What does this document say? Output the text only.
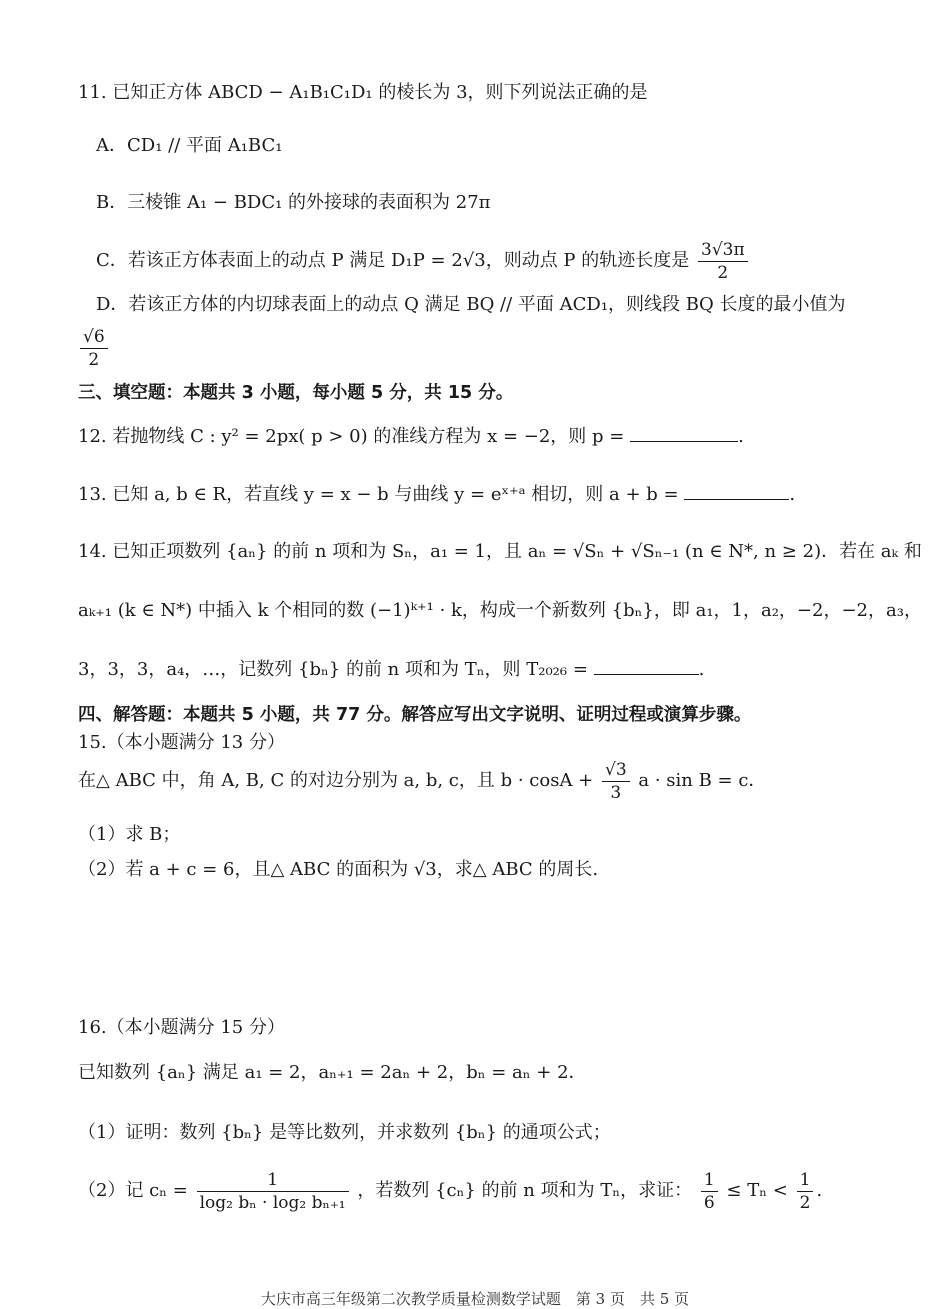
11. 已知正方体 ABCD − A₁B₁C₁D₁ 的棱长为 3，则下列说法正确的是
A．CD₁ // 平面 A₁BC₁
B．三棱锥 A₁ − BDC₁ 的外接球的表面积为 27π
C．若该正方体表面上的动点 P 满足 D₁P = 2√3，则动点 P 的轨迹长度是 $\frac{3√3\pi}{2}$
D．若该正方体的内切球表面上的动点 Q 满足 BQ // 平面 ACD₁，则线段 BQ 长度的最小值为
$\frac{√6}{2}$
三、填空题：本题共 3 小题，每小题 5 分，共 15 分。
12. 若抛物线 C : y² = 2px( p > 0) 的准线方程为 x = −2，则 p =	.
13. 已知 a, b ∈ R，若直线 y = x − b 与曲线 y = eˣ⁺ᵃ 相切，则 a + b =	.
14. 已知正项数列 {aₙ} 的前 n 项和为 Sₙ，a₁ = 1，且 aₙ = √Sₙ + √Sₙ₋₁ (n ∈ N*, n ≥ 2)．若在 aₖ 和
aₖ₊₁ (k ∈ N*) 中插入 k 个相同的数 (−1)ᵏ⁺¹ · k，构成一个新数列 {bₙ}，即 a₁，1，a₂，−2，−2，a₃，
3，3，3，a₄，…，记数列 {bₙ} 的前 n 项和为 Tₙ，则 T₂₀₂₆ =	.
四、解答题：本题共 5 小题，共 77 分。解答应写出文字说明、证明过程或演算步骤。
15.（本小题满分 13 分）
在△ ABC 中，角 A, B, C 的对边分别为 a, b, c，且 $b \cdot \cos A + \frac{√3}{3}$ a · sin B = c．
（1）求 B；
（2）若 a + c = 6，且△ ABC 的面积为 √3，求△ ABC 的周长.
16.（本小题满分 15 分）
已知数列 {aₙ} 满足 a₁ = 2，aₙ₊₁ = 2aₙ + 2，bₙ = aₙ + 2．
（1）证明：数列 {bₙ} 是等比数列，并求数列 {bₙ} 的通项公式；
（2）记 $c_n = \frac{1}{\text{log₂ bₙ · log₂ bₙ₊₁}}$ ，若数列 {cₙ} 的前 n 项和为 Tₙ，求证： $\frac{1}{6} \le T_n < \frac{1}{2}$ .
大庆市高三年级第二次教学质量检测数学试题　第 3 页　共 5 页
